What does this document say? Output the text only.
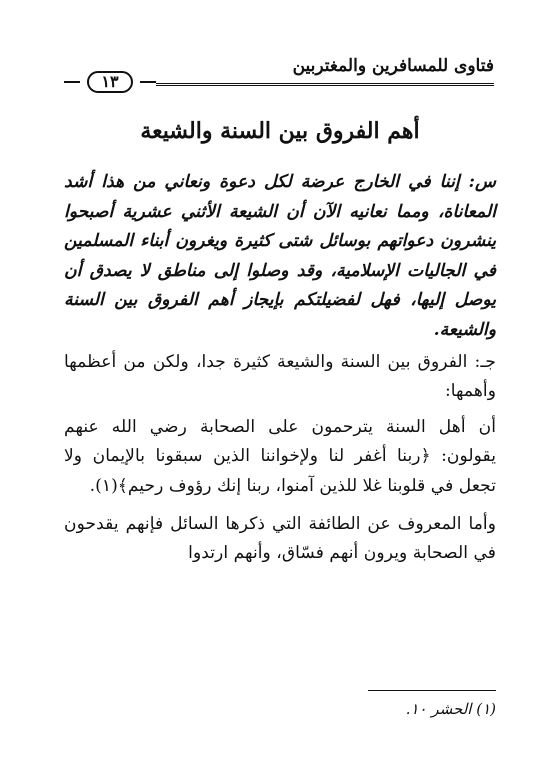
فتاوى للمسافرين والمغتربين
١٣
أهم الفروق بين السنة والشيعة

س: إننا في الخارج عرضة لكل دعوة ونعاني من هذا أشد المعاناة، ومما نعانيه الآن أن الشيعة الأثني عشرية أصبحوا ينشرون دعواتهم بوسائل شتى كثيرة ويغرون أبناء المسلمين في الجاليات الإسلامية، وقد وصلوا إلى مناطق لا يصدق أن يوصل إليها، فهل لفضيلتكم بإيجاز أهم الفروق بين السنة والشيعة.

جـ: الفروق بين السنة والشيعة كثيرة جدا، ولكن من أعظمها وأهمها:

أن أهل السنة يترحمون على الصحابة رضي الله عنهم يقولون: ﴿ربنا أغفر لنا ولإخواننا الذين سبقونا بالإيمان ولا تجعل في قلوبنا غلا للذين آمنوا، ربنا إنك رؤوف رحيم﴾(١).

وأما المعروف عن الطائفة التي ذكرها السائل فإنهم يقدحون في الصحابة ويرون أنهم فسّاق، وأنهم ارتدوا

(١) الحشر ١٠.
